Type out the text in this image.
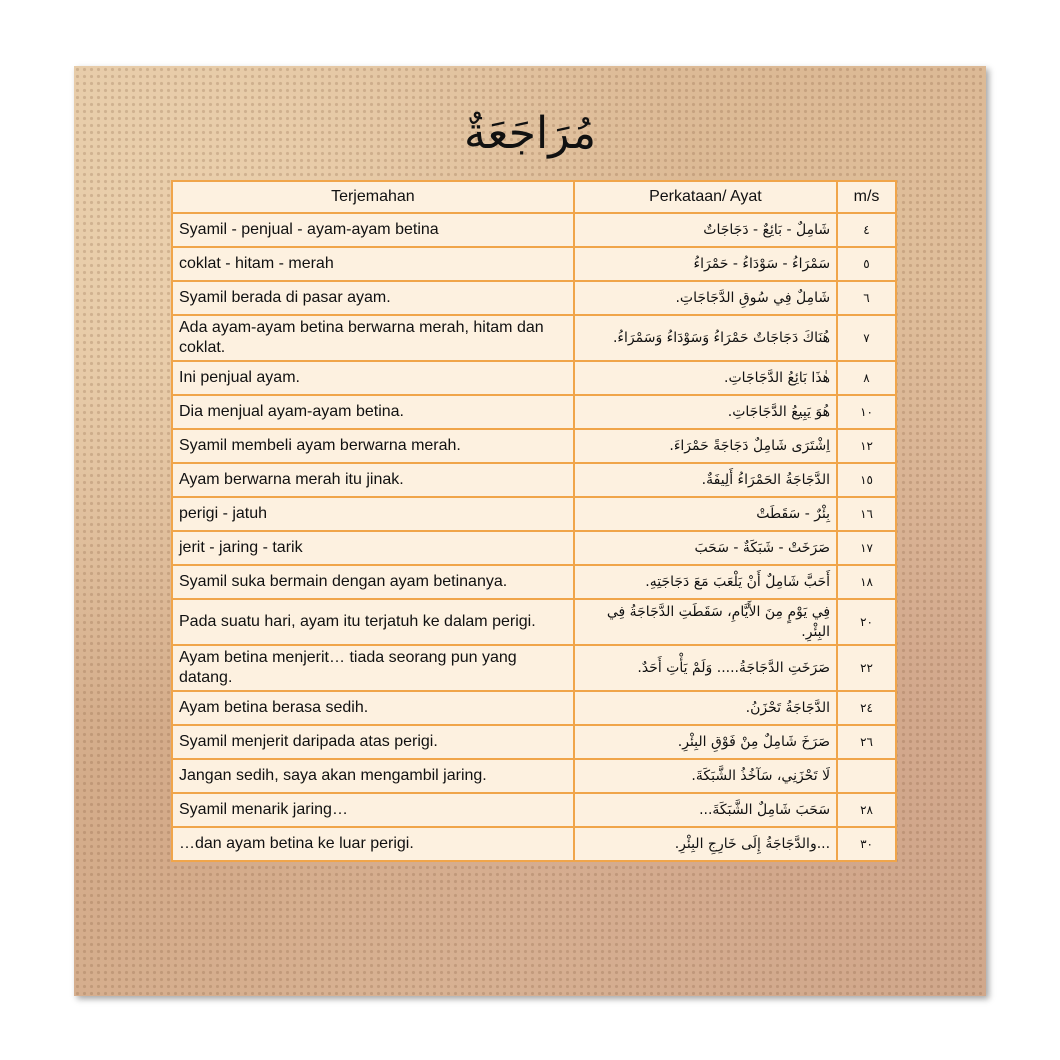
مُرَاجَعَةٌ
Terjemahan	Perkataan/ Ayat	m/s
Syamil - penjual - ayam-ayam betina	شَامِلٌ - بَائِعٌ - دَجَاجَاتٌ	٤
coklat - hitam - merah	سَمْرَاءُ - سَوْدَاءُ - حَمْرَاءُ	٥
Syamil berada di pasar ayam.	شَامِلٌ فِي سُوقِ الدَّجَاجَاتِ.	٦
Ada ayam-ayam betina berwarna merah, hitam dan coklat.	هُنَاكَ دَجَاجَاتٌ حَمْرَاءُ وَسَوْدَاءُ وَسَمْرَاءُ.	٧
Ini penjual ayam.	هٰذَا بَائِعُ الدَّجَاجَاتِ.	٨
Dia menjual ayam-ayam betina.	هُوَ يَبِيعُ الدَّجَاجَاتِ.	١٠
Syamil membeli ayam berwarna merah.	اِشْتَرَى شَامِلٌ دَجَاجَةً حَمْرَاءَ.	١٢
Ayam berwarna merah itu jinak.	الدَّجَاجَةُ الحَمْرَاءُ أَلِيفَةٌ.	١٥
perigi - jatuh	بِئْرٌ - سَقَطَتْ	١٦
jerit - jaring - tarik	صَرَخَتْ - شَبَكَةٌ - سَحَبَ	١٧
Syamil suka bermain dengan ayam betinanya.	أَحَبَّ شَامِلٌ أَنْ يَلْعَبَ مَعَ دَجَاجَتِهِ.	١٨
Pada suatu hari, ayam itu terjatuh ke dalam perigi.	فِي يَوْمٍ مِنَ الأَيَّامِ، سَقَطَتِ الدَّجَاجَةُ فِي البِئْرِ.	٢٠
Ayam betina menjerit… tiada seorang pun yang datang.	صَرَخَتِ الدَّجَاجَةُ..... وَلَمْ يَأْتِ أَحَدٌ.	٢٢
Ayam betina berasa sedih.	الدَّجَاجَةُ تَحْزَنُ.	٢٤
Syamil menjerit daripada atas perigi.	صَرَخَ شَامِلٌ مِنْ فَوْقِ البِئْرِ.	٢٦
Jangan sedih, saya akan mengambil jaring.	لَا تَحْزَنِي، سَآخُذُ الشَّبَكَةَ.	
Syamil menarik jaring…	سَحَبَ شَامِلٌ الشَّبَكَةَ...	٢٨
…dan ayam betina ke luar perigi.	...والدَّجَاجَةُ إِلَى خَارِجِ البِئْرِ.	٣٠
